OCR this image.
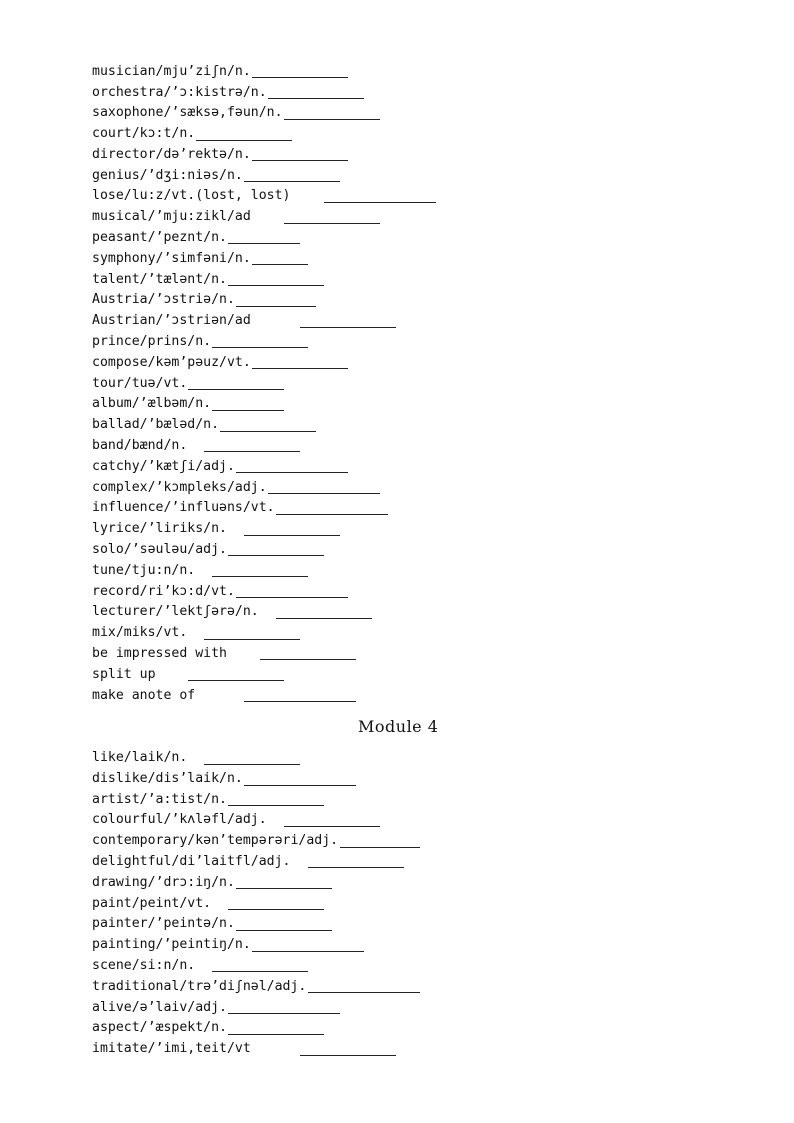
musician/mju’ziʃn/n.
orchestra/’ɔ:kistrə/n.
saxophone/’sæksə,fəun/n.
court/kɔ:t/n.
director/də’rektə/n.
genius/’dʒi:niəs/n.
lose/lu:z/vt.(lost, lost)
musical/’mju:zikl/ad
peasant/’peznt/n.
symphony/’simfəni/n.
talent/’tælənt/n.
Austria/’ɔstriə/n.
Austrian/’ɔstriən/ad
prince/prins/n.
compose/kəm’pəuz/vt.
tour/tuə/vt.
album/’ælbəm/n.
ballad/’bæləd/n.
band/bænd/n.
catchy/’kætʃi/adj.
complex/’kɔmpleks/adj.
influence/’influəns/vt.
lyrice/’liriks/n.
solo/’səuləu/adj.
tune/tju:n/n.
record/ri’kɔ:d/vt.
lecturer/’lektʃərə/n.
mix/miks/vt.
be impressed with
split up
make anote of
Module 4
like/laik/n.
dislike/dis’laik/n.
artist/’a:tist/n.
colourful/’kʌləfl/adj.
contemporary/kən’tempərəri/adj.
delightful/di’laitfl/adj.
drawing/’drɔ:iŋ/n.
paint/peint/vt.
painter/’peintə/n.
painting/’peintiŋ/n.
scene/si:n/n.
traditional/trə’diʃnəl/adj.
alive/ə’laiv/adj.
aspect/’æspekt/n.
imitate/’imi,teit/vt
